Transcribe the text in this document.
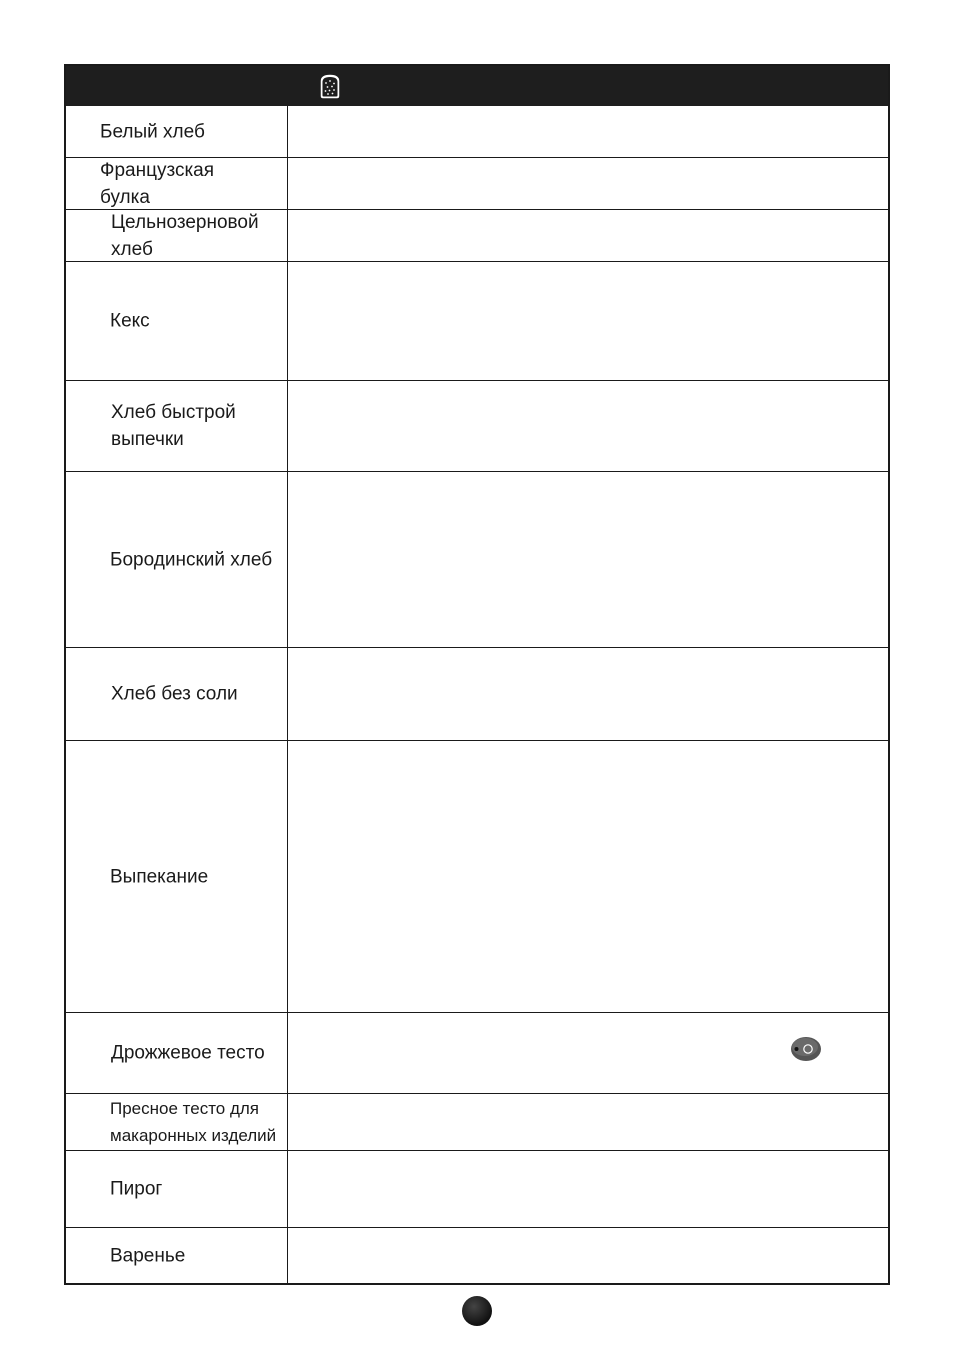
Белый хлеб
Французская
булка
Цельнозерновой
хлеб
Кекс
Хлеб быстрой
выпечки
Бородинский хлеб
Хлеб без соли
Выпекание
Дрожжевое тесто
Пресное тесто для
макаронных изделий
Пирог
Варенье
